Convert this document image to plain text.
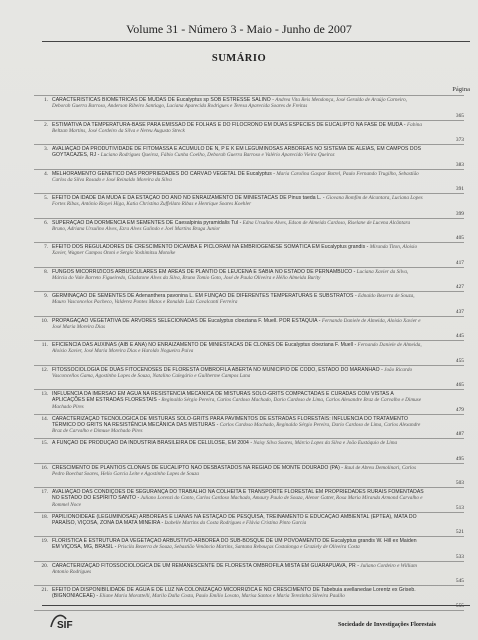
Volume 31 - Número 3 - Maio - Junho de 2007
SUMÁRIO
Página
1. CARACTERÍSTICAS BIOMÉTRICAS DE MUDAS DE Eucalyptus sp SOB ESTRESSE SALINO - Andrea Vita Reis Mendonça, José Geraldo de Araújo Carneiro, Deborah Guerra Barroso, Anderson Ribeiro Santiago, Luciana Aparecida Rodrigues e Teresa Aparecida Soares de Freitas
365
2. ESTIMATIVA DA TEMPERATURA-BASE PARA EMISSÃO DE FOLHAS E DO FILOCRONO EM DUAS ESPÉCIES DE EUCALIPTO NA FASE DE MUDA - Fabina Beltzan Martins, José Cordeiro da Silva e Nereu Augusto Streck
373
3. AVALIAÇÃO DA PRODUTIVIDADE DE FITOMASSA E ACÚMULO DE N, P E K EM LEGUMINOSAS ARBÓREAS NO SISTEMA DE ALÉIAS, EM CAMPOS DOS GOYTACAZES, RJ - Luciano Rodrigues Queiroz, Fábio Cunha Coelho, Deborah Guerra Barroso e Valério Aparecido Vieira Queiroz
383
4. MELHORAMENTO GENÉTICO DAS PROPRIEDADES DO CARVÃO VEGETAL DE Eucalyptus - Maria Carolina Gaspar Botrel, Paulo Fernando Trugilho, Sebastião Carlos da Silva Rosado e José Reinaldo Moreira da Silva
391
5. EFEITO DA IDADE DA MUDA E DA ESTAÇÃO DO ANO NO ENRAIZAMENTO DE MINIESTACAS DE Pinus taeda L. - Giovana Bomfim de Alcantara, Luciana Lopes Fortes Ribas, Antônio Rioyei Higa, Katia Christina Zuffellato Ribas e Henrique Soares Koehler
399
6. SUPERAÇÃO DA DORMÊNCIA EM SEMENTES DE Caesalpinia pyramidalis Tul - Edna Ursulino Alves, Edson de Almeida Cardoso, Riselane de Lucena Alcântara Bruno, Adriana Ursulino Alves, Ezra Alves Galindo e Joel Martins Braga Junior
405
7. EFEITO DOS REGULADORES DE CRESCIMENTO DICAMBA E PICLORAM NA EMBRIOGÊNESE SOMÁTICA EM Eucalyptus grandis - Miranda Titon, Aloisio Xavier, Wagner Campos Otoni e Sergio Yoshimitsu Motoike
417
8. FUNGOS MICORRÍZICOS ARBUSCULARES EM ÁREAS DE PLANTIO DE LEUCENA E SABIÁ NO ESTADO DE PERNAMBUCO - Luciana Xavier da Silva, Márcia do Vale Barreto Figueiredo, Gladstone Alves da Silva, Bruno Tomio Goto, José de Paula Oliveira e Hélio Almeida Burity
427
9. GERMINAÇÃO DE SEMENTES DE Adenanthera pavonina L. EM FUNÇÃO DE DIFERENTES TEMPERATURAS E SUBSTRATOS - Ednaldo Bezerra de Souza, Mauro Vasconcelos Pacheco, Valderez Pontes Matos e Ronaldo Luiz Cavalcanti Ferreira
437
10. PROPAGAÇÃO VEGETATIVA DE ÁRVORES SELECIONADAS DE Eucalyptus cloeziana F. Muell. POR ESTAQUIA - Fernando Daniele de Almeida, Aloisio Xavier e José Maria Moreira Dias
445
11. EFICIÊNCIA DAS AUXINAS (AIB E ANA) NO ENRAIZAMENTO DE MINIESTACAS DE CLONES DE Eucalyptus cloeziana F. Muell - Fernando Daniele de Almeida, Aloisio Xavier, José Maria Moreira Dias e Haroldo Nogueira Paiva
455
12. FITOSSOCIOLOGIA DE DUAS FITOCENOSES DE FLORESTA OMBRÓFILA ABERTA NO MUNICÍPIO DE CODÓ, ESTADO DO MARANHÃO - João Ricardo Vasconcellos Gama, Agostinho Lopes de Souza, Natalino Calegário e Guilherme Campos Lana
465
13. INFLUÊNCIA DA IMERSÃO EM ÁGUA NA RESISTÊNCIA MECÂNICA DE MISTURAS SOLO-GRITS COMPACTADAS E CURADAS COM VISTAS A APLICAÇÕES EM ESTRADAS FLORESTAIS - Reginaldo Sérgio Pereira, Carlos Cardoso Machado, Dario Cardoso de Lima, Carlos Alexandre Braz de Carvalho e Dimuse Machado Pires	479
14. CARACTERIZAÇÃO TECNOLÓGICA DE MISTURAS SOLO-GRITS PARA PAVIMENTOS DE ESTRADAS FLORESTAIS: INFLUÊNCIA DO TRATAMENTO TÉRMICO DO GRITS NA RESISTÊNCIA MECÂNICA DAS MISTURAS - Carlos Cardoso Machado, Reginaldo Sérgio Pereira, Dario Cardoso de Lima, Carlos Alexandre Braz de Carvalho e Dimuse Machado Pires	487
15. A FUNÇÃO DE PRODUÇÃO DA INDÚSTRIA BRASILEIRA DE CELULOSE, EM 2004 - Naisy Silva Soares, Márcio Lopes da Silva e João Eustáquio de Lima
495
16. CRESCIMENTO DE PLANTIOS CLONAIS DE EUCALIPTO NÃO DESBASTADOS NA REGIÃO DE MONTE DOURADO (PA) - Raul de Abreu Demolinari, Carlos Pedro Boechat Soares, Helio Garcia Leite e Agostinho Lopes de Souza
503
17. AVALIAÇÃO DAS CONDIÇÕES DE SEGURANÇA DO TRABALHO NA COLHEITA E TRANSPORTE FLORESTAL EM PROPRIEDADES RURAIS FOMENTADAS NO ESTADO DO ESPÍRITO SANTO - Juliano Lorenzi do Canto, Carlos Cardoso Machado, Amaury Paulo de Souza, Alenor Gatter, Rosa Maria Miranda Armond Carvalho e Rommel Noce	513
18. PAPILIONOIDEAE (LEGUMINOSAE) ARBÓREAS E LIANAS NA ESTAÇÃO DE PESQUISA, TREINAMENTO E EDUCAÇÃO AMBIENTAL (EPTEA), MATA DO PARAÍSO, VIÇOSA, ZONA DA MATA MINEIRA - Izabelle Martins da Costa Rodrigues e Flávia Cristina Pinto Garcia
521
19. FLORÍSTICA E ESTRUTURA DA VEGETAÇÃO ARBUSTIVO-ARBÓREA DO SUB-BOSQUE DE UM POVOAMENTO DE Eucalyptus grandis W. Hill ex Maiden EM VIÇOSA, MG, BRASIL - Priscila Bezerra de Souza, Sebastião Venâncio Martins, Santana Rebouças Costalonga e Graziely de Oliveira Costa
533
20. CARACTERIZAÇÃO FITOSSOCIOLÓGICA DE UM REMANESCENTE DE FLORESTA OMBRÓFILA MISTA EM GUARAPUAVA, PR - Juliano Cordeiro e William Antonio Rodrigues
545
21. EFEITO DA DISPONIBILIDADE DE ÁGUA E DE LUZ NA COLONIZAÇÃO MICORRÍZICA E NO CRESCIMENTO DE Tabebuia avellanedae Lorentz ex Griseb. (BIGNONIACEAE) - Eliane Maria Morattelli, Marilo Dalla Costa, Paulo Emílio Lovato, Marisa Santos e Maria Terezinha Silveira Paulilo
555
SIF	Sociedade de Investigações Florestais
